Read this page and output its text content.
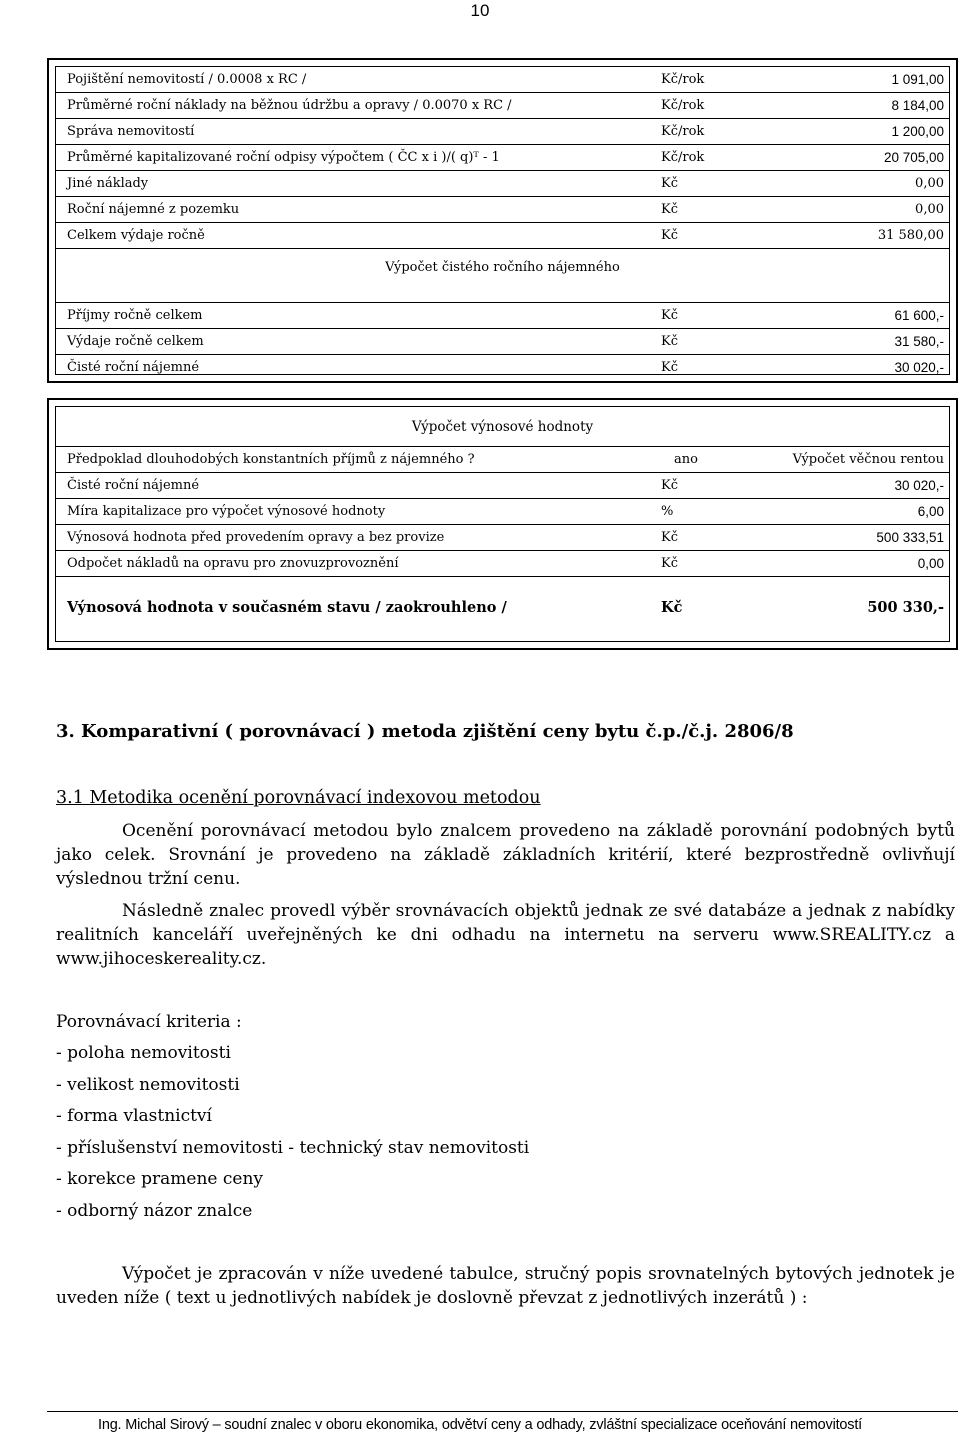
10
Výpočet čistého ročního nájemného
Pojištění nemovitostí / 0.0008 x RC /	Kč/rok	1 091,00
Průměrné roční náklady na běžnou údržbu a opravy / 0.0070 x RC /	Kč/rok	8 184,00
Správa nemovitostí	Kč/rok	1 200,00
Průměrné kapitalizované roční odpisy výpočtem ( ČC x i )/( q)ᵀ - 1	Kč/rok	20 705,00
Jiné náklady	Kč	0,00
Roční nájemné z pozemku	Kč	0,00
Celkem výdaje ročně	Kč	31 580,00
Příjmy ročně celkem	Kč	61 600,-
Výdaje ročně celkem	Kč	31 580,-
Čisté roční nájemné	Kč	30 020,-
Výpočet výnosové hodnoty
Předpoklad dlouhodobých konstantních příjmů z nájemného ?	ano	Výpočet věčnou rentou
Čisté roční nájemné	Kč	30 020,-
Míra kapitalizace pro výpočet výnosové hodnoty	%	6,00
Výnosová hodnota před provedením opravy a bez provize	Kč	500 333,51
Odpočet nákladů na opravu pro znovuzprovoznění	Kč	0,00
Výnosová hodnota v současném stavu / zaokrouhleno /	Kč	500 330,-
3. Komparativní ( porovnávací ) metoda zjištění ceny bytu č.p./č.j. 2806/8
3.1 Metodika ocenění porovnávací indexovou metodou
Ocenění porovnávací metodou bylo znalcem provedeno na základě porovnání podobných bytů jako celek. Srovnání je provedeno na základě základních kritérií, které bezprostředně ovlivňují výslednou tržní cenu.
Následně znalec provedl výběr srovnávacích objektů jednak ze své databáze a jednak z nabídky realitních kanceláří uveřejněných ke dni odhadu na internetu na serveru www.SREALITY.cz a www.jihoceskereality.cz.
Porovnávací kriteria :
- poloha nemovitosti
- velikost nemovitosti
- forma vlastnictví
- příslušenství nemovitosti - technický stav nemovitosti
- korekce pramene ceny
- odborný názor znalce
Výpočet je zpracován v níže uvedené tabulce, stručný popis srovnatelných bytových jednotek je uveden níže ( text u jednotlivých nabídek je doslovně převzat z jednotlivých inzerátů ) :
Ing. Michal Sirový – soudní znalec v oboru ekonomika, odvětví ceny a odhady, zvláštní specializace oceňování nemovitostí
